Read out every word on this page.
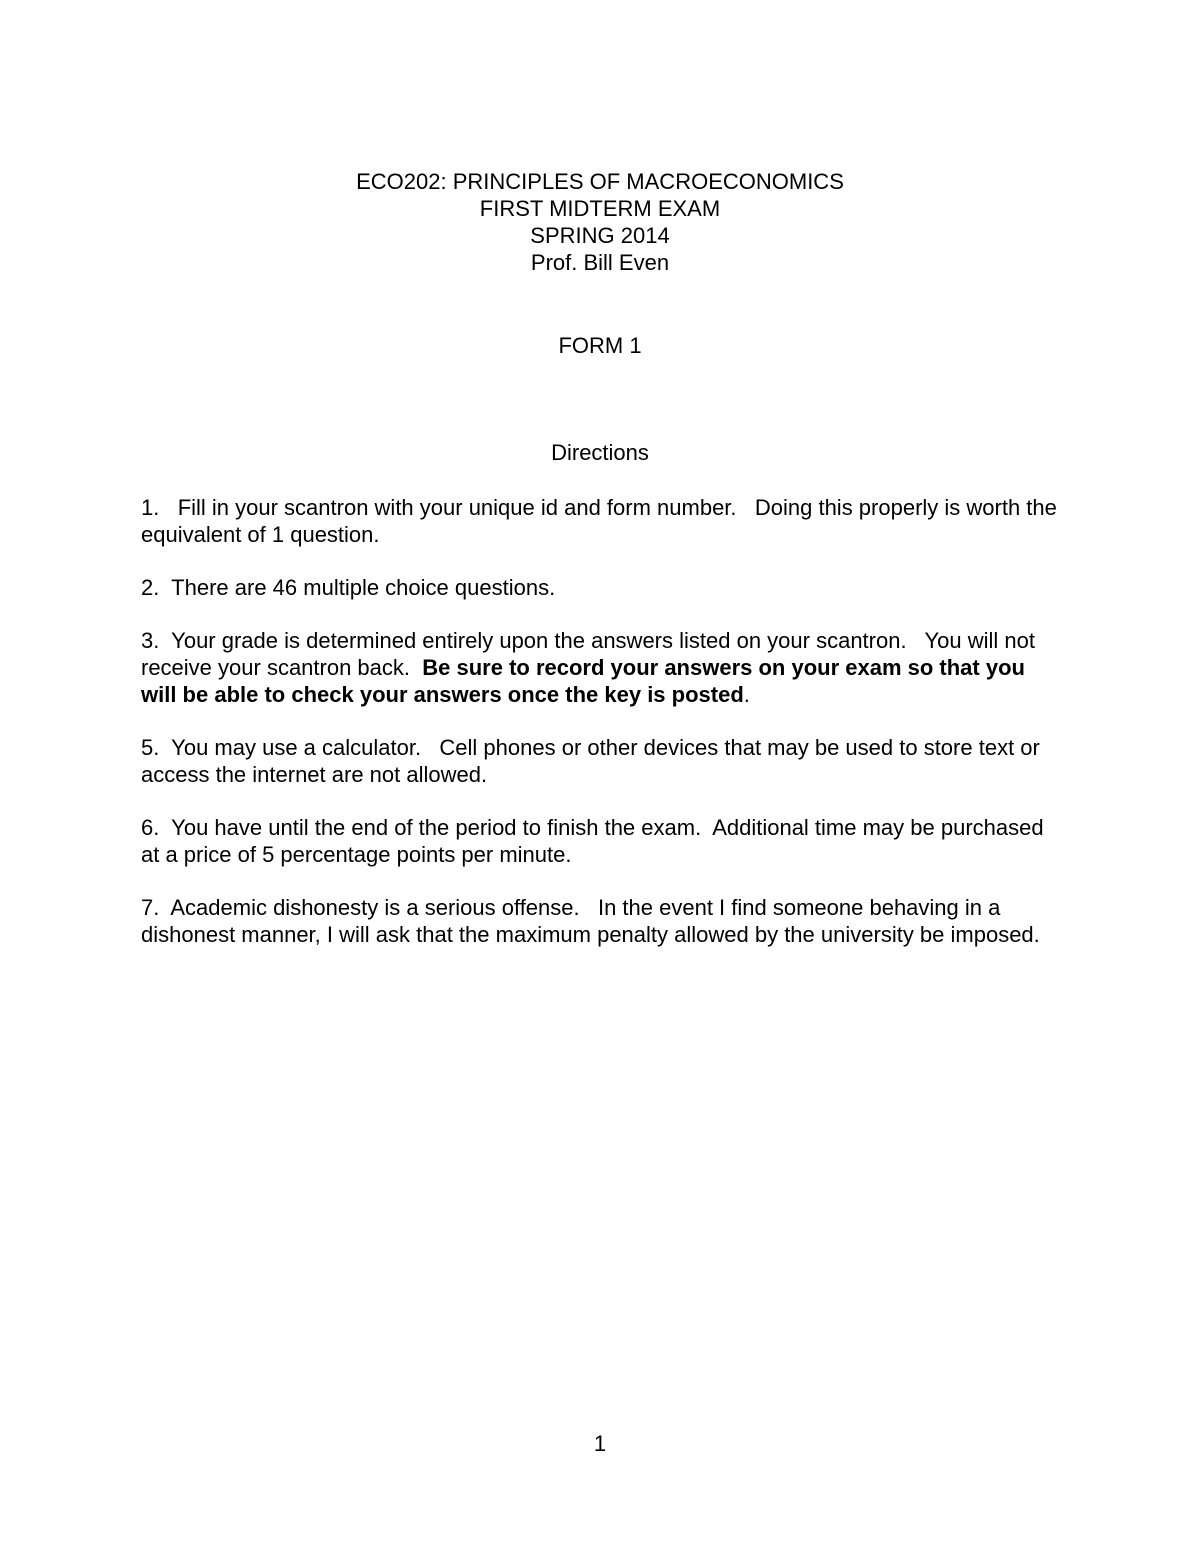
ECO202: PRINCIPLES OF MACROECONOMICS
FIRST MIDTERM EXAM
SPRING 2014
Prof. Bill Even
FORM 1
Directions
1.   Fill in your scantron with your unique id and form number.   Doing this properly is worth the equivalent of 1 question.
2.  There are 46 multiple choice questions.
3.  Your grade is determined entirely upon the answers listed on your scantron.   You will not receive your scantron back.  Be sure to record your answers on your exam so that you will be able to check your answers once the key is posted.
5.  You may use a calculator.   Cell phones or other devices that may be used to store text or access the internet are not allowed.
6.  You have until the end of the period to finish the exam.  Additional time may be purchased at a price of 5 percentage points per minute.
7.  Academic dishonesty is a serious offense.   In the event I find someone behaving in a dishonest manner, I will ask that the maximum penalty allowed by the university be imposed.
1
